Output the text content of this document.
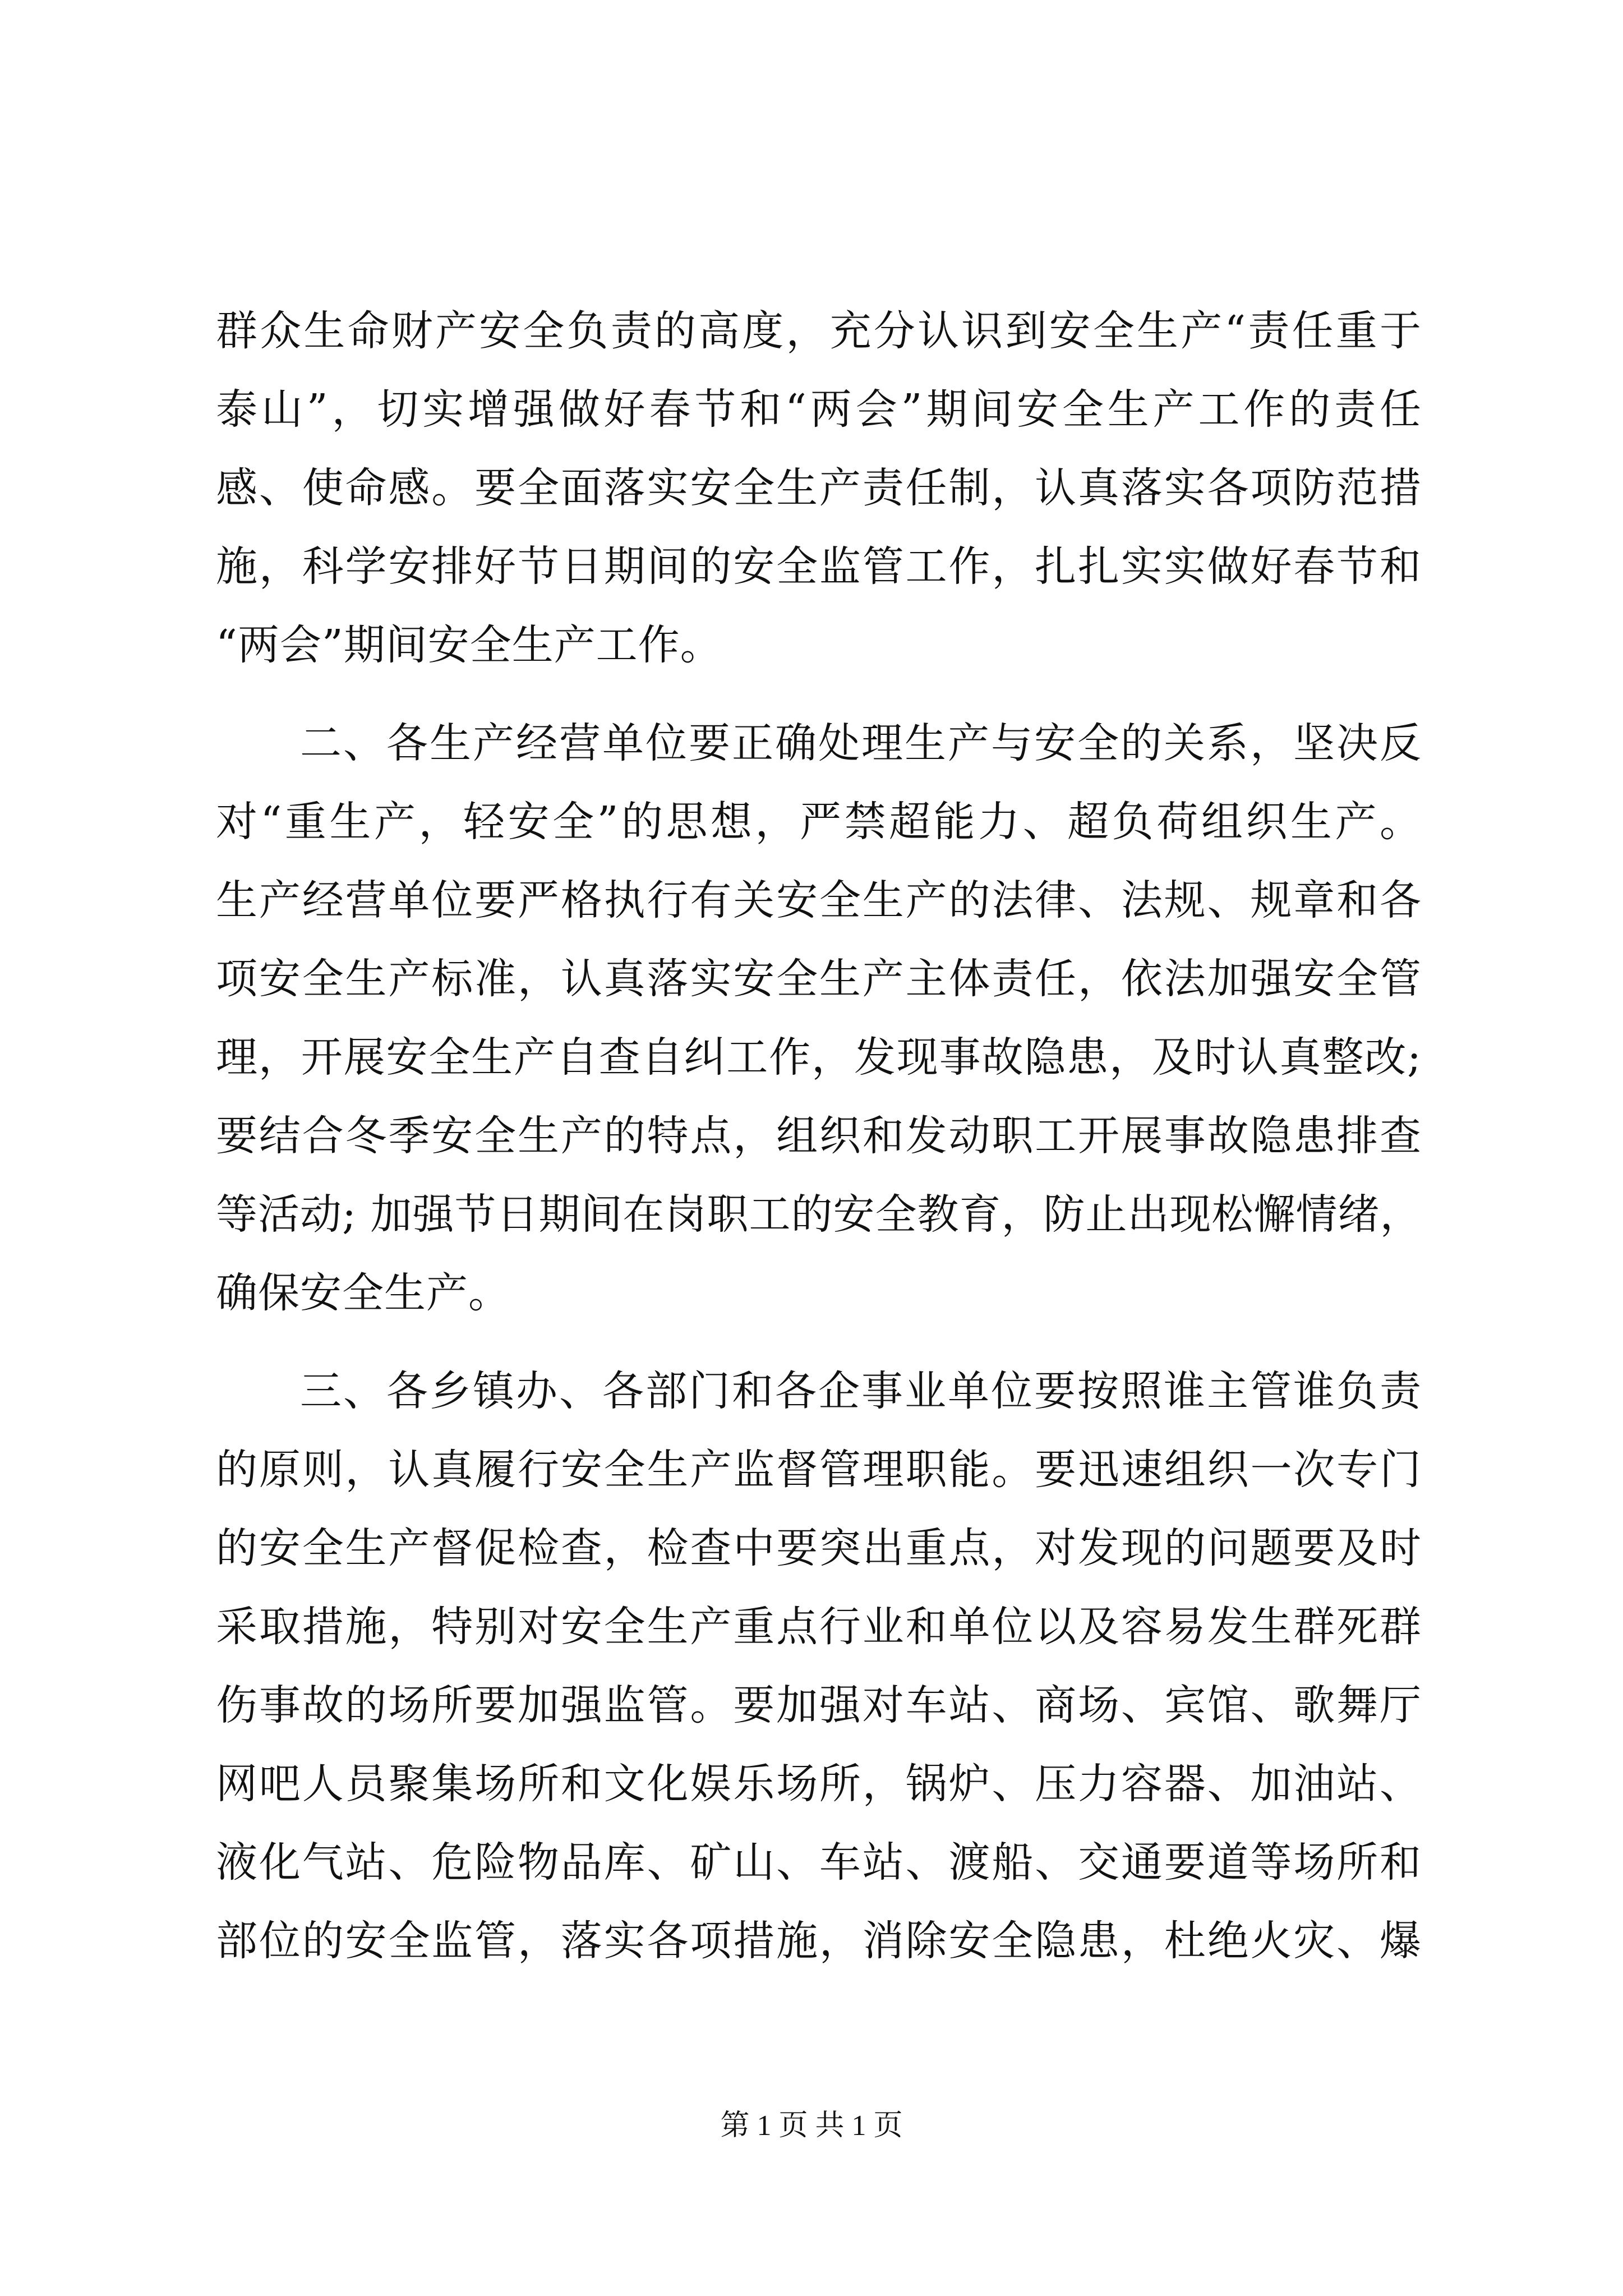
群众生命财产安全负责的高度，充分认识到安全生产“责任重于
泰山”，切实增强做好春节和“两会”期间安全生产工作的责任
感、使命感。要全面落实安全生产责任制，认真落实各项防范措
施，科学安排好节日期间的安全监管工作，扎扎实实做好春节和
“两会”期间安全生产工作。
二、各生产经营单位要正确处理生产与安全的关系，坚决反
对“重生产，轻安全”的思想，严禁超能力、超负荷组织生产。
生产经营单位要严格执行有关安全生产的法律、法规、规章和各
项安全生产标准，认真落实安全生产主体责任，依法加强安全管
理，开展安全生产自查自纠工作，发现事故隐患，及时认真整改;
要结合冬季安全生产的特点，组织和发动职工开展事故隐患排查
等活动; 加强节日期间在岗职工的安全教育，防止出现松懈情绪，
确保安全生产。
三、各乡镇办、各部门和各企事业单位要按照谁主管谁负责
的原则，认真履行安全生产监督管理职能。要迅速组织一次专门
的安全生产督促检查，检查中要突出重点，对发现的问题要及时
采取措施，特别对安全生产重点行业和单位以及容易发生群死群
伤事故的场所要加强监管。要加强对车站、商场、宾馆、歌舞厅
网吧人员聚集场所和文化娱乐场所，锅炉、压力容器、加油站、
液化气站、危险物品库、矿山、车站、渡船、交通要道等场所和
部位的安全监管，落实各项措施，消除安全隐患，杜绝火灾、爆
第 1 页 共 1 页
